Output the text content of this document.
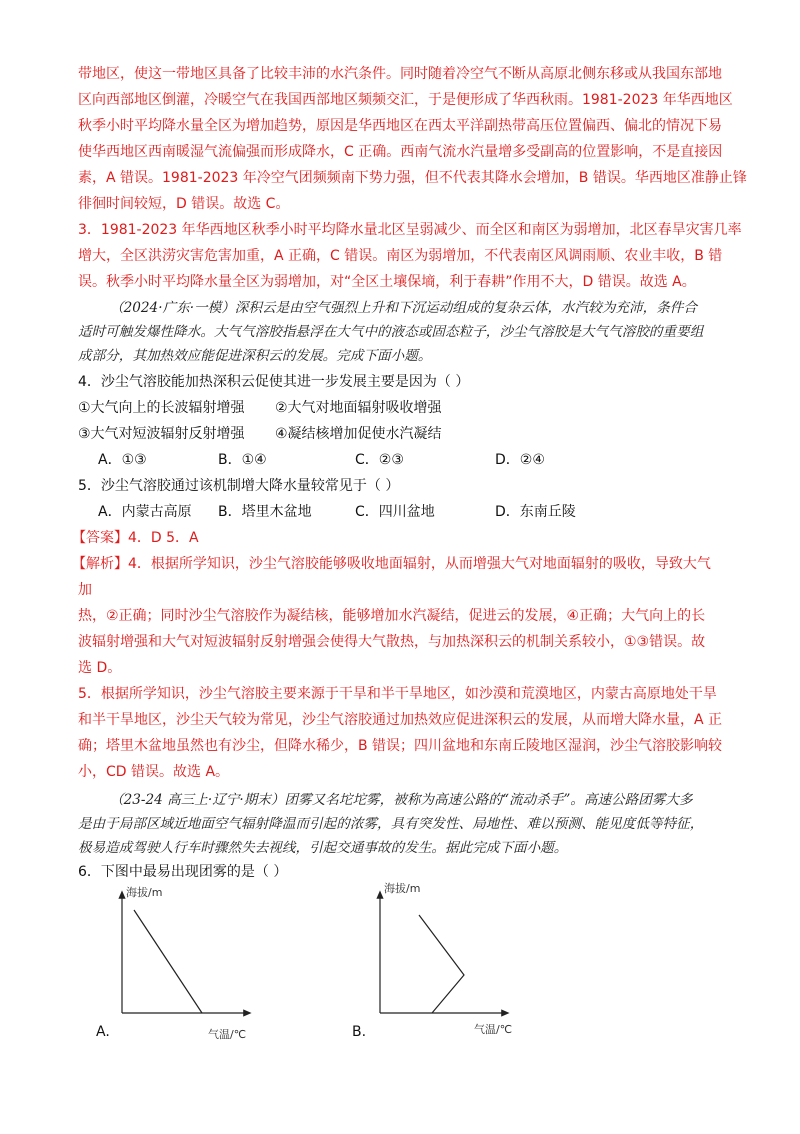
带地区，使这一带地区具备了比较丰沛的水汽条件。同时随着冷空气不断从高原北侧东移或从我国东部地
区向西部地区倒灌，冷暖空气在我国西部地区频频交汇，于是便形成了华西秋雨。1981-2023 年华西地区
秋季小时平均降水量全区为增加趋势，原因是华西地区在西太平洋副热带高压位置偏西、偏北的情况下易
使华西地区西南暖湿气流偏强而形成降水，C 正确。西南气流水汽量增多受副高的位置影响，不是直接因
素，A 错误。1981-2023 年冷空气团频频南下势力强，但不代表其降水会增加，B 错误。华西地区准静止锋
徘徊时间较短，D 错误。故选 C。
3．1981-2023 年华西地区秋季小时平均降水量北区呈弱减少、而全区和南区为弱增加，北区春旱灾害几率
增大，全区洪涝灾害危害加重，A 正确，C 错误。南区为弱增加，不代表南区风调雨顺、农业丰收，B 错
误。秋季小时平均降水量全区为弱增加，对“全区土壤保墒，利于春耕”作用不大，D 错误。故选 A。
（2024·广东·一模）深积云是由空气强烈上升和下沉运动组成的复杂云体，水汽较为充沛，条件合
适时可触发爆性降水。大气气溶胶指悬浮在大气中的液态或固态粒子，沙尘气溶胶是大气气溶胶的重要组
成部分，其加热效应能促进深积云的发展。完成下面小题。
4．沙尘气溶胶能加热深积云促使其进一步发展主要是因为（ ）
①大气向上的长波辐射增强 ②大气对地面辐射吸收增强
③大气对短波辐射反射增强 ④凝结核增加促使水汽凝结
A．①③	B．①④	C．②③	D．②④
5．沙尘气溶胶通过该机制增大降水量较常见于（ ）
A．内蒙古高原 B．塔里木盆地	C．四川盆地	D．东南丘陵
【答案】4．D 5．A
【解析】4．根据所学知识，沙尘气溶胶能够吸收地面辐射，从而增强大气对地面辐射的吸收，导致大气
加
热，②正确；同时沙尘气溶胶作为凝结核，能够增加水汽凝结，促进云的发展，④正确；大气向上的长
波辐射增强和大气对短波辐射反射增强会使得大气散热，与加热深积云的机制关系较小，①③错误。故
选 D。
5．根据所学知识，沙尘气溶胶主要来源于干旱和半干旱地区，如沙漠和荒漠地区，内蒙古高原地处干旱
和半干旱地区，沙尘天气较为常见，沙尘气溶胶通过加热效应促进深积云的发展，从而增大降水量，A 正
确；塔里木盆地虽然也有沙尘，但降水稀少，B 错误；四川盆地和东南丘陵地区湿润，沙尘气溶胶影响较
小，CD 错误。故选 A。
（23-24 高三上·辽宁·期末）团雾又名坨坨雾，被称为高速公路的“流动杀手”。高速公路团雾大多
是由于局部区域近地面空气辐射降温而引起的浓雾，具有突发性、局地性、难以预测、能见度低等特征，
极易造成驾驶人行车时骤然失去视线，引起交通事故的发生。据此完成下面小题。
6．下图中最易出现团雾的是（ ）
A.
海拔/m
气温/℃	B.
海拔/m
气温/℃
